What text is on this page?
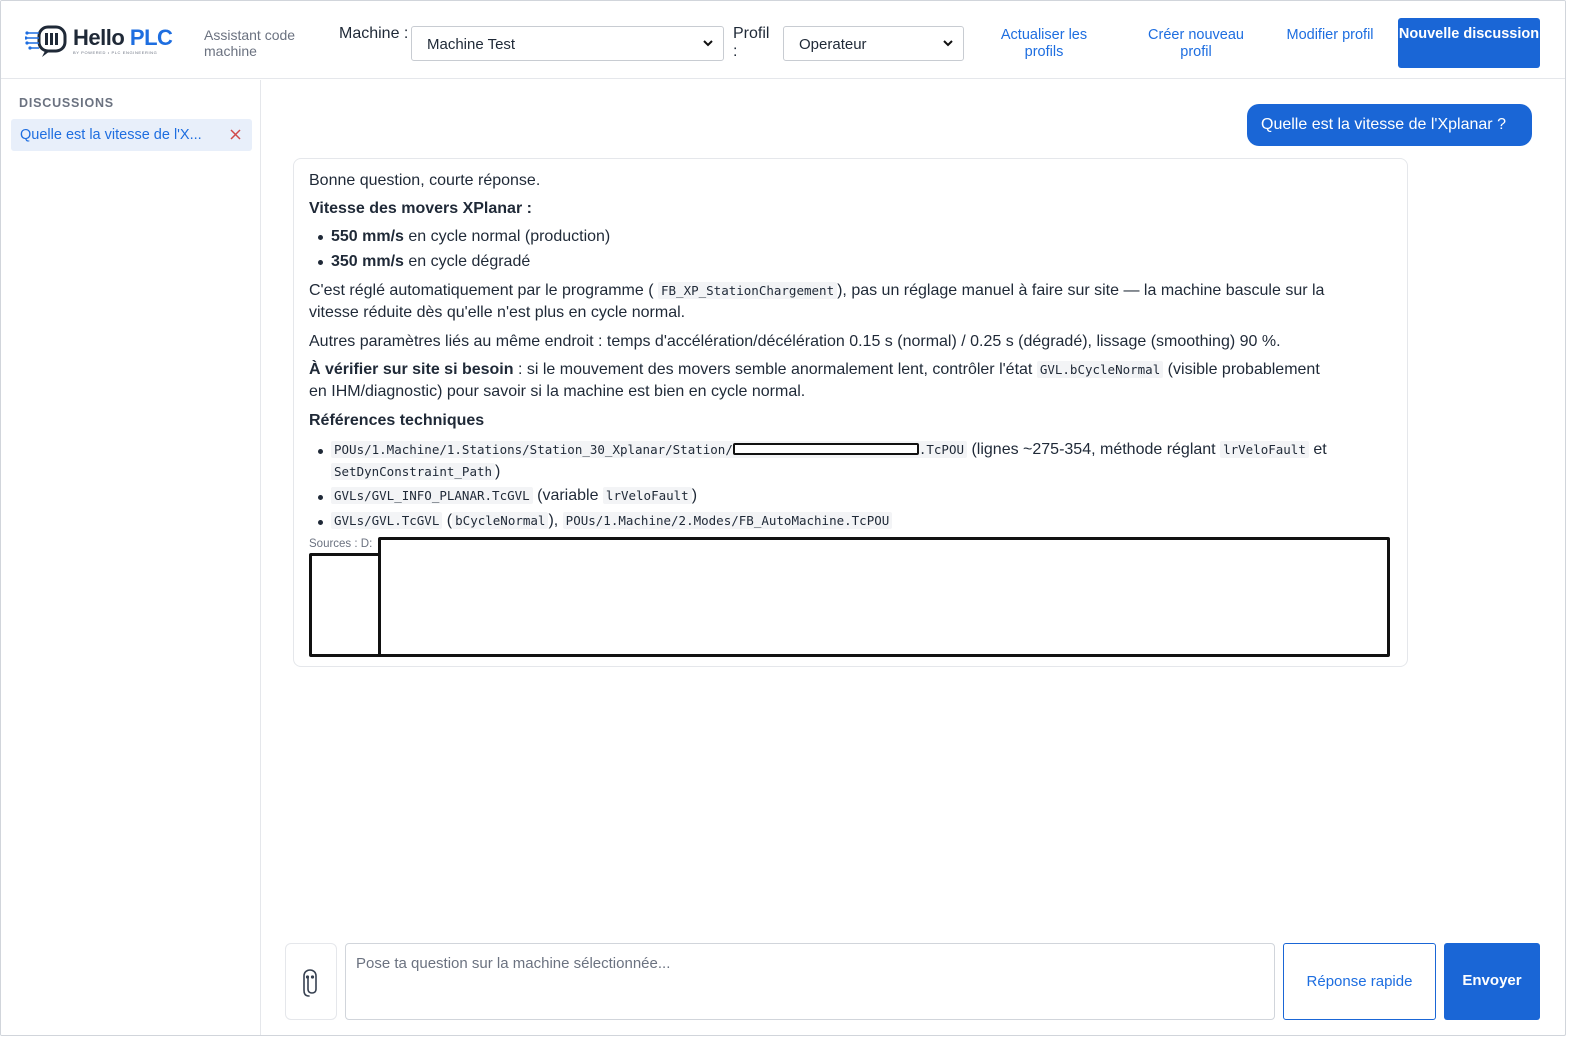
Hello PLC
BY POWERED • PLC ENGINEERING
Assistant code machine
Machine :
Machine Test
Profil :	Operateur
Actualiser les profils
Créer nouveau profil
Modifier profil Nouvelle discussion
DISCUSSIONS
Quelle est la vitesse de l'X...
Quelle est la vitesse de l'Xplanar ?
Bonne question, courte réponse.
Vitesse des movers XPlanar :
550 mm/s en cycle normal (production)
350 mm/s en cycle dégradé
C'est réglé automatiquement par le programme ( FB_XP_StationChargement ), pas un réglage manuel à faire sur site — la machine bascule sur la
vitesse réduite dès qu'elle n'est plus en cycle normal.
Autres paramètres liés au même endroit : temps d'accélération/décélération 0.15 s (normal) / 0.25 s (dégradé), lissage (smoothing) 90 %.
À vérifier sur site si besoin : si le mouvement des movers semble anormalement lent, contrôler l'état GVL.bCycleNormal (visible probablement
en IHM/diagnostic) pour savoir si la machine est bien en cycle normal.
Références techniques
POUs/1.Machine/1.Stations/Station_30_Xplanar/Station/	.TcPOU (lignes ~275-354, méthode réglant lrVeloFault et
SetDynConstraint_Path )
GVLs/GVL_INFO_PLANAR.TcGVL (variable lrVeloFault )
GVLs/GVL.TcGVL ( bCycleNormal ), POUs/1.Machine/2.Modes/FB_AutoMachine.TcPOU
Sources : D:
Pose ta question sur la machine sélectionnée...
Réponse rapide	Envoyer
